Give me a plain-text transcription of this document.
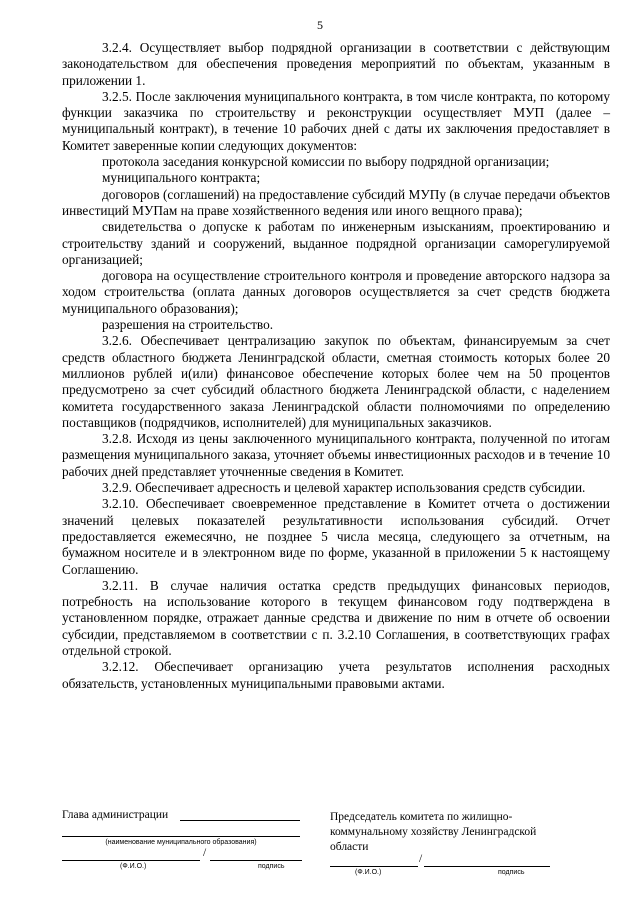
5

3.2.4. Осуществляет выбор подрядной организации в соответствии с действующим законодательством для обеспечения проведения мероприятий по объектам, указанным в приложении 1.

3.2.5. После заключения муниципального контракта, в том числе контракта, по которому функции заказчика по строительству и реконструкции осуществляет МУП (далее – муниципальный контракт), в течение 10 рабочих дней с даты их заключения предоставляет в Комитет заверенные копии следующих документов:

протокола заседания конкурсной комиссии по выбору подрядной организации;

муниципального контракта;

договоров (соглашений) на предоставление субсидий МУПу (в случае передачи объектов инвестиций МУПам на праве хозяйственного ведения или иного вещного права);

свидетельства о допуске к работам по инженерным изысканиям, проектированию и строительству зданий и сооружений, выданное подрядной организации саморегулируемой организацией;

договора на осуществление строительного контроля и проведение авторского надзора за ходом строительства (оплата данных договоров осуществляется за счет средств бюджета муниципального образования);

разрешения на строительство.

3.2.6. Обеспечивает централизацию закупок по объектам, финансируемым за счет средств областного бюджета Ленинградской области, сметная стоимость которых более 20 миллионов рублей и(или) финансовое обеспечение которых более чем на 50 процентов предусмотрено за счет субсидий областного бюджета Ленинградской области, с наделением комитета государственного заказа Ленинградской области полномочиями по определению поставщиков (подрядчиков, исполнителей) для муниципальных заказчиков.

3.2.8. Исходя из цены заключенного муниципального контракта, полученной по итогам размещения муниципального заказа, уточняет объемы инвестиционных расходов и в течение 10 рабочих дней представляет уточненные сведения в Комитет.

3.2.9. Обеспечивает адресность и целевой характер использования средств субсидии.

3.2.10. Обеспечивает своевременное представление в Комитет отчета о достижении значений целевых показателей результативности использования субсидий. Отчет предоставляется ежемесячно, не позднее 5 числа месяца, следующего за отчетным, на бумажном носителе и в электронном виде по форме, указанной в приложении 5 к настоящему Соглашению.

3.2.11. В случае наличия остатка средств предыдущих финансовых периодов, потребность на использование которого в текущем финансовом году подтверждена в установленном порядке, отражает данные средства и движение по ним в отчете об освоении субсидии, представляемом в соответствии с п. 3.2.10 Соглашения, в соответствующих графах отдельной строкой.

3.2.12. Обеспечивает организацию учета результатов исполнения расходных обязательств, установленных муниципальными правовыми актами.

Глава администрации
(наименование муниципального образования)
/
(Ф.И.О.)	подпись
Председатель комитета по жилищно-коммунальному хозяйству Ленинградской области
/
(Ф.И.О.)	подпись
